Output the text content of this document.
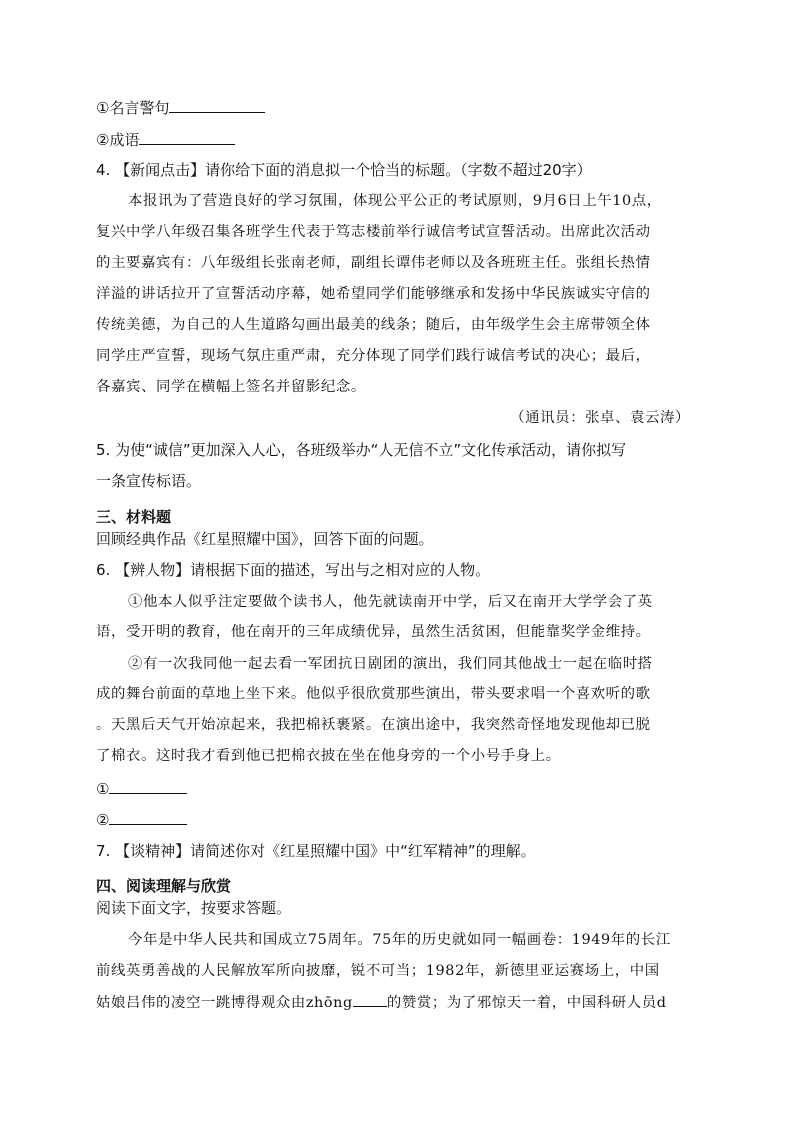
①名言警句
②成语
4. 【新闻点击】请你给下面的消息拟一个恰当的标题。（字数不超过20字）
本报讯为了营造良好的学习氛围，体现公平公正的考试原则，9月6日上午10点，
复兴中学八年级召集各班学生代表于笃志楼前举行诚信考试宣誓活动。出席此次活动
的主要嘉宾有：八年级组长张南老师，副组长谭伟老师以及各班班主任。张组长热情
洋溢的讲话拉开了宣誓活动序幕，她希望同学们能够继承和发扬中华民族诚实守信的
传统美德，为自己的人生道路勾画出最美的线条；随后，由年级学生会主席带领全体
同学庄严宣誓，现场气氛庄重严肃，充分体现了同学们践行诚信考试的决心；最后，
各嘉宾、同学在横幅上签名并留影纪念。
（通讯员：张卓、袁云涛）
5. 为使“诚信”更加深入人心，各班级举办“人无信不立”文化传承活动，请你拟写
一条宣传标语。
三、材料题
回顾经典作品《红星照耀中国》，回答下面的问题。
6. 【辨人物】请根据下面的描述，写出与之相对应的人物。
①他本人似乎注定要做个读书人，他先就读南开中学，后又在南开大学学会了英
语，受开明的教育，他在南开的三年成绩优异，虽然生活贫困，但能靠奖学金维持。
②有一次我同他一起去看一军团抗日剧团的演出，我们同其他战士一起在临时搭
成的舞台前面的草地上坐下来。他似乎很欣赏那些演出，带头要求唱一个喜欢听的歌
。天黑后天气开始凉起来，我把棉袄裹紧。在演出途中，我突然奇怪地发现他却已脱
了棉衣。这时我才看到他已把棉衣披在坐在他身旁的一个小号手身上。
①
②
7. 【谈精神】请简述你对《红星照耀中国》中“红军精神”的理解。
四、阅读理解与欣赏
阅读下面文字，按要求答题。
今年是中华人民共和国成立75周年。75年的历史就如同一幅画卷：1949年的长江
前线英勇善战的人民解放军所向披靡，锐不可当；1982年，新德里亚运赛场上，中国
姑娘吕伟的凌空一跳博得观众由zhōng 的赞赏；为了邪惊天一着，中国科研人员d
